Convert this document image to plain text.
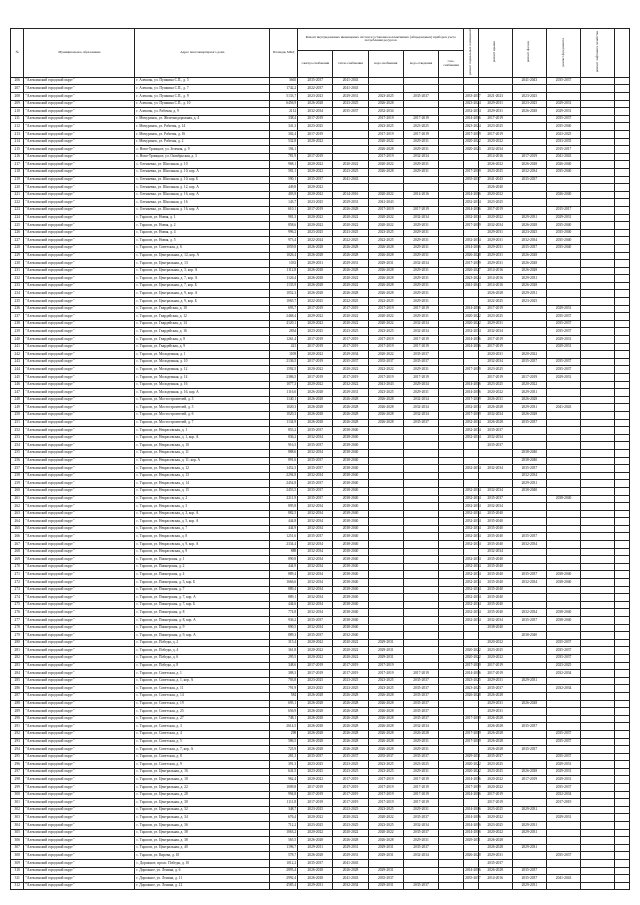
№	Муниципальное образование	Адрес многоквартирного дома	Площадь МКД	Ремонт внутридомовых инженерных систем и установка коллективных (общедомовых) приборов учета потребления ресурсов					ремонт подвальных помещений	ремонт крыши	ремонт фасада	ремонт фундамента	ремонт лифтового хозяйства	
				электро-снабжения	тепло-снабжения	водо-снабжения	водо-отведения	газо-снабжения						
206	"Алексинский городской округ"	г. Алексин, ул. Пушкина С.П., д. 5	3665	2035-2037	2041-2043						2041-2043	2035-2037		
207	"Алексинский городской округ"	г. Алексин, ул. Пушкина С.П., д. 7	1742,2	2022-2037	2041-2043									
208	"Алексинский городской округ"	г. Алексин, ул. Пушкина С.П., д. 9	5133,7	2023-2023	2029-2031	2023-2025	2035-2037		2033-2037	2021-2023	2023-2025			
209	"Алексинский городской округ"	г. Алексин, ул. Пушкина С.П., д. 10	6456,9	2026-2028	2023-2025	2026-2028			2023-2024	2029-2031	2023-2025	2029-2031		
210	"Алексинский городской округ"	г. Алексин, ул. Рабочая, д. 9	2112	2032-2034	2035-2037	2032-2034			2032-2034	2029-2031	2026-2028	2029-2031		
211	"Алексинский городской округ"	г. Мичуринск, ул. Железнодорожная, д. 4	338,4	2017-2019		2017-2019	2017-2019		2014-2016	2017-2019		2035-2037		
212	"Алексинский городской округ"	г. Мичуринск, ул. Рабочая, д. 14	341,3	2023-2025		2023-2025	2023-2025		2023-2024	2023-2025		2035-2040		
213	"Алексинский городской округ"	г. Мичуринск, ул. Рабочая, д. 16	302,4	2017-2019		2017-2019	2017-2019		2017-2019	2017-2019		2023-2025		
214	"Алексинский городской округ"	г. Мичуринск, ул. Рабочая, д. 2	532,8	2020-2022		2020-2022	2029-2031		2020-2022	2020-2022		2033-2035		
215	"Алексинский городской округ"	с. Ново-Троицкое, ул. Зеленая, д. 9	194,1			2026-2028	2029-2031		2020-2023	2032-2034		2015-2017		
216	"Алексинский городской округ"	с. Ново-Троицкое, ул. Октябрьская, д. 3	781,9	2017-2019		2017-2019	2032-2034			2014-2016	2017-2019	2041-2043		
217	"Алексинский городской округ"	с. Оленьевка, ул. Школьная, д. 10	968,1	2020-2022	2020-2022	2020-2022	2029-2031			2026-2022	2026-2028	2026-2040		
218	"Алексинский городской округ"	с. Оленьевка, ул. Школьная, д. 10, кор. А	581,1	2020-2022	2023-2025	2026-2028	2029-2031		2017-2019	2023-2025	2032-2034	2035-2040		
219	"Алексинский городской округ"	с. Оленьевка, ул. Школьная, д. 10, кор. Б	590,1	2035-2037	2041-2043				2035-2037	2041-2043	2035-2037			
220	"Алексинский городской округ"	с. Оленьевка, ул. Школьная, д. 12, кор. А	449,8	2020-2022						2026-2040				
221	"Алексинский городской округ"	с. Оленьевка, ул. Школьная, д. 16, кор. А	403,9	2020-2022	2014-2016	2020-2022	2014-2016		2014-2016	2020-2022		2026-2040		
222	"Алексинский городской округ"	с. Оленьевка, ул. Школьная, д. 16	143,7	2023-2025	2029-2031	2041-2043			2032-2034	2023-2025				
223	"Алексинский городской округ"	с. Оленьевка, ул. Школьная, д. 16, кор. А	610,1	2017-2019	2026-2028	2017-2019	2017-2019		2014-2016	2017-2019		2015-2017		
224	"Алексинский городской округ"	с. Тарасов, ул. Новая, д. 1	981,3	2020-2022	2020-2022	2020-2022	2032-2034		2032-2034	2020-2022	2029-2031	2029-2031		
225	"Алексинский городской округ"	с. Тарасов, ул. Новая, д. 2	858,6	2020-2022	2020-2022	2020-2022	2029-2031		2017-2019	2032-2034	2026-2028	2035-2040		
226	"Алексинский городской округ"	с. Тарасов, ул. Новая, д. 4	996,2	2023-2025	2023-2025	2023-2025	2029-2031			2029-2031	2023-2025	2035-2040		
227	"Алексинский городской округ"	с. Тарасов, ул. Новая, д. 5	973,4	2022-2024	2022-2025	2022-2025	2029-2031		2032-2034	2029-2031	2032-2034	2035-2040		
228	"Алексинский городской округ"	с. Тарасов, ул. Советская, д. 6	1059,8	2026-2028	2026-2028	2026-2028	2029-2031		2014-2016	2029-2031	2035-2037	2035-2040		
229	"Алексинский городской округ"	с. Тарасов, ул. Центральная, д. 12, кор. А	1026,4	2026-2028	2026-2028	2026-2028	2029-2031		2026-2028	2029-2031	2026-2028			
230	"Алексинский городской округ"	с. Тарасов, ул. Центральная, д. 13	1033	2029-2031	2029-2031	2029-2031	2032-2034		2017-2019	2029-2031	2026-2028			
231	"Алексинский городской округ"	с. Тарасов, ул. Центральная, д. 3, кор. А	1112,8	2026-2028	2026-2028	2026-2028	2029-2031		2026-2027	2014-2016	2026-2028			
232	"Алексинский городской округ"	с. Тарасов, ул. Центральная, д. 7, кор. А	1126,4	2026-2028	2020-2022	2026-2028	2029-2031		2023-2024	2014-2016	2029-2031			
233	"Алексинский городской округ"	с. Тарасов, ул. Центральная, д. 7, кор. Б	1133,9	2026-2028	2020-2022	2026-2028	2029-2031		2041-2043	2014-2016	2026-2028			
234	"Алексинский городской округ"	с. Тарасов, ул. Центральная, д. 9, кор. А	1052,3	2026-2028	2026-2028	2026-2028	2029-2031			2026-2028	2029-2031			
235	"Алексинский городской округ"	с. Тарасов, ул. Центральная, д. 9, кор. Б	1065,7	2022-2025	2022-2025	2022-2025	2029-2031			2022-2025	2023-2025			
236	"Алексинский городской округ"	с. Тарасов, ул. Гвардейская, д. 10	693,7	2017-2019	2017-2019	2017-2019	2017-2019		2014-2016	2017-2019		2029-2031		
237	"Алексинский городской округ"	с. Тарасов, ул. Гвардейская, д. 12	2468,4	2029-2022	2020-2022	2020-2022	2029-2031		2020-2022	2023-2025		2035-2037		
238	"Алексинский городской округ"	с. Тарасов, ул. Гвардейская, д. 14	4120,1	2020-2022	2020-2022	2020-2022	2032-2034		2020-2022	2029-2031		2035-2037		
239	"Алексинский городской округ"	с. Тарасов, ул. Гвардейская, д. 16	2834	2023-2025	2023-2025	2023-2025	2032-2034		2032-2034	2032-2034		2035-2037		
240	"Алексинский городской округ"	с. Тарасов, ул. Гвардейская, д. 8	1261,4	2017-2019	2017-2019	2017-2019	2017-2019		2014-2016	2017-2019		2029-2031		
241	"Алексинский городской округ"	с. Тарасов, ул. Гвардейская, д. 9	421	2017-2019	2017-2019	2017-2019	2017-2019		2014-2016	2017-2019		2029-2031		
242	"Алексинский городской округ"	с. Тарасов, ул. Молодежная, д. 1	1108	2020-2022	2029-2034	2020-2022	2035-2037			2020-2031	2020-2022			
243	"Алексинский городской округ"	с. Тарасов, ул. Молодежная, д. 10	2136,5	2017-2019	2035-2037	2035-2037	2035-2037			2032-2034	2035-2037	2035-2037		
244	"Алексинский городской округ"	с. Тарасов, ул. Молодежная, д. 12	1592,5	2020-2022	2020-2022	2022-2022	2029-2031		2017-2019	2023-2025		2035-2037		
245	"Алексинский городской округ"	с. Тарасов, ул. Молодежная, д. 14	2386,5	2017-2019	2017-2019	2017-2019	2017-2019			2017-2019	2017-2019	2029-2031		
246	"Алексинский городской округ"	с. Тарасов, ул. Молодежная, д. 16	1077,3	2020-2022	2032-2022	2041-2043	2029-2034		2014-2016	2023-2025	2020-2022			
247	"Алексинский городской округ"	с. Тарасов, ул. Молодежная, д. 16, кор. А	1116,6	2026-2028	2029-2031	2023-2025	2029-2031		2014-2016	2020-2022	2029-2031			
248	"Алексинский городской округ"	с. Тарасов, ул. Мостостроителей, д. 3	1140,1	2026-2028	2026-2028	2026-2028	2032-2034		2017-2019	2026-2031	2026-2028			
249	"Алексинский городской округ"	с. Тарасов, ул. Мостостроителей, д. 5	1020,3	2026-2028	2026-2028	2026-2028	2032-2034		2032-2034	2026-2028	2029-2031	2041-2043		
250	"Алексинский городской округ"	с. Тарасов, ул. Мостостроителей, д. 6	1020,3	2026-2028	2026-2028	2026-2028	2032-2034		2017-2019	2032-2034	2026-2028			
251	"Алексинский городской округ"	с. Тарасов, ул. Мостостроителей, д. 7	1134,9	2026-2028	2026-2028	2026-2028	2035-2037		2032-2034	2026-2028	2035-2037			
252	"Алексинский городской округ"	с. Тарасов, ул. Некрасовская, д. 1	853,2	2035-2037	2038-2040				2032-2034	2035-2037				
253	"Алексинский городской округ"	с. Тарасов, ул. Некрасовская, д. 1, кор. А	836,2	2032-2034	2038-2040				2032-2034	2032-2034				
254	"Алексинский городской округ"	с. Тарасов, ул. Некрасовская, д. 10	916,5	2035-2037	2038-2040					2035-2037				
255	"Алексинский городской округ"	с. Тарасов, ул. Некрасовская, д. 11	888,6	2032-2034	2038-2040						2038-2040			
256	"Алексинский городской округ"	с. Тарасов, ул. Некрасовская, д. 11, кор. А	891,6	2035-2037	2038-2040						2038-2040			
257	"Алексинский городской округ"	с. Тарасов, ул. Некрасовская, д. 12	1452,5	2035-2037	2038-2040				2032-2034	2032-2034	2035-2037			
258	"Алексинский городской округ"	с. Тарасов, ул. Некрасовская, д. 13	2294,8	2032-2034	2038-2040						2032-2034			
259	"Алексинский городской округ"	с. Тарасов, ул. Некрасовская, д. 14	2454,8	2035-2037	2038-2040						2029-2031			
260	"Алексинский городской округ"	с. Тарасов, ул. Некрасовская, д. 15	2453,5	2035-2037	2038-2040				2032-2034	2032-2034	2038-2040			
261	"Алексинский городской округ"	с. Тарасов, ул. Некрасовская, д. 2	2211,9	2035-2037	2038-2040				2032-2034	2035-2037		2038-2040		
262	"Алексинский городской округ"	с. Тарасов, ул. Некрасовская, д. 3	895,8	2032-2034	2038-2040				2032-2034	2032-2034				
263	"Алексинский городской округ"	с. Тарасов, ул. Некрасовская, д. 3, кор. А	882,5	2032-2034	2038-2040				2032-2034	2035-2040				
264	"Алексинский городской округ"	с. Тарасов, ул. Некрасовская, д. 5, кор. А	444,8	2032-2034	2038-2040				2032-2034	2035-2040				
265	"Алексинский городской округ"	с. Тарасов, ул. Некрасовская, д. 7	444,9	2032-2034	2038-2040				2032-2034	2035-2040				
266	"Алексинский городской округ"	с. Тарасов, ул. Некрасовская, д. 8	1251,6	2035-2037	2038-2040				2032-2034	2035-2040	2035-2037			
267	"Алексинский городской округ"	с. Тарасов, ул. Некрасовская, д. 9, кор. А	2334,4	2032-2034	2038-2040				2032-2034	2035-2040	2032-2034			
268	"Алексинский городской округ"	с. Тарасов, ул. Некрасовская, д. 9	888	2032-2034	2038-2040					2032-2034				
269	"Алексинский городской округ"	с. Тарасов, ул. Пионерская, д. 1	890,8	2032-2034	2038-2040				2032-2034	2035-2040				
270	"Алексинский городской округ"	с. Тарасов, ул. Пионерская, д. 2	444,9	2032-2034	2038-2040				2032-2034	2035-2040				
271	"Алексинский городской округ"	с. Тарасов, ул. Пионерская, д. 4	889,4	2032-2034	2038-2040				2032-2034	2035-2040	2035-2037	2038-2040		
272	"Алексинский городской округ"	с. Тарасов, ул. Пионерская, д. 5, кор. Б	1666,6	2032-2034	2038-2040				2032-2034	2035-2040	2032-2034	2038-2040		
273	"Алексинский городской округ"	с. Тарасов, ул. Пионерская, д. 7	889,4	2032-2034	2038-2040				2032-2034	2035-2040				
274	"Алексинский городской округ"	с. Тарасов, ул. Пионерская, д. 7, кор. А	889,1	2032-2034	2038-2040				2032-2034	2035-2040				
275	"Алексинский городской округ"	с. Тарасов, ул. Пионерская, д. 7, кор. Б	444,6	2032-2034	2038-2040				2032-2034	2035-2040				
276	"Алексинский городской округ"	с. Тарасов, ул. Пионерская, д. 8	774,8	2032-2034	2038-2040				2032-2034	2035-2040	2032-2034	2038-2040		
277	"Алексинский городской округ"	с. Тарасов, ул. Пионерская, д. 8, кор. А	936,2	2035-2037	2038-2040				2032-2034	2032-2034	2035-2037	2038-2040		
278	"Алексинский городской округ"	с. Тарасов, ул. Пионерская, д. 9	890,5	2032-2034	2038-2040					2038-2040				
279	"Алексинский городской округ"	с. Тарасов, ул. Пионерская, д. 9, кор. А	889,3	2035-2037	2032-2040						2038-2040			
280	"Алексинский городской округ"	с. Тарасов, ул. Победы, д. 2	315,4	2020-2022	2020-2022	2029-2031				2020-2022		2035-2037		
281	"Алексинский городской округ"	с. Тарасов, ул. Победы, д. 4	361,8	2020-2022	2020-2022	2029-2031			2020-2022	2023-2025		2035-2037		
282	"Алексинский городской округ"	с. Тарасов, ул. Победы, д. 6	295,5	2020-2022	2020-2022	2029-2031			2020-2022	2020-2022		2035-2037		
283	"Алексинский городской округ"	с. Тарасов, ул. Победы, д. 8	348,6	2017-2019	2017-2019	2017-2019			2017-2019	2017-2019		2023-2025		
284	"Алексинский городской округ"	с. Тарасов, ул. Советская, д. 1	388,3	2017-2019	2017-2019	2017-2019	2017-2019		2014-2016	2017-2019		2032-2034		
285	"Алексинский городской округ"	с. Тарасов, ул. Советская, д. 1, кор. А	703,8	2023-2025	2023-2025	2023-2025	2035-2037		2023-2025	2029-2031	2029-2031			
286	"Алексинский городской округ"	с. Тарасов, ул. Советская, д. 11	791,9	2023-2025	2023-2025	2023-2025	2035-2037		2023-2025	2035-2037		2032-2034		
287	"Алексинский городской округ"	с. Тарасов, ул. Советская, д. 14	584	2026-2028	2026-2028	2026-2028	2035-2037		2026-2028	2026-2028				
288	"Алексинский городской округ"	с. Тарасов, ул. Советская, д. 19	693,1	2026-2028	2026-2028	2026-2028	2035-2037			2029-2031	2026-2028			
289	"Алексинский городской округ"	с. Тарасов, ул. Советская, д. 25	656,9	2026-2028	2026-2028	2026-2028	2035-2037			2029-2031				
290	"Алексинский городской округ"	с. Тарасов, ул. Советская, д. 27	748,1	2026-2028	2026-2028	2026-2028	2035-2037		2017-2019	2026-2028				
291	"Алексинский городской округ"	с. Тарасов, ул. Советская, д. 3	2614,5	2026-2028	2026-2028	2026-2028	2032-2034			2026-2028	2035-2037			
292	"Алексинский городской округ"	с. Тарасов, ул. Советская, д. 4	298	2026-2028	2026-2028	2026-2028	2026-2028		2017-2019	2026-2028		2035-2037		
293	"Алексинский городской округ"	с. Тарасов, ул. Советская, д. 5	586,5	2026-2028	2026-2028	2026-2028	2029-2031		2017-2019	2026-2028		2035-2037		
294	"Алексинский городской округ"	с. Тарасов, ул. Советская, д. 7, кор. А	725,9	2026-2028	2026-2028	2026-2028	2029-2031			2026-2028	2035-2037			
295	"Алексинский городской округ"	с. Тарасов, ул. Советская, д. 8	281,3	2035-2037	2035-2037	2035-2037	2035-2037		2029-2031	2035-2037		2035-2037		
296	"Алексинский городской округ"	с. Тарасов, ул. Советская, д. 9	391,3	2023-2025	2023-2025	2023-2025	2023-2025		2020-2022	2023-2025		2029-2031		
297	"Алексинский городской округ"	с. Тарасов, ул. Центральная, д. 16	641,5	2023-2025	2023-2025	2023-2025	2029-2031		2020-2022	2023-2025	2026-2028	2029-2031		
298	"Алексинский городской округ"	с. Тарасов, ул. Центральная, д. 18	962,4	2020-2022	2017-2019	2017-2019	2017-2019		2014-2016	2020-2022	2017-2019	2029-2031		
299	"Алексинский городской округ"	с. Тарасов, ул. Центральная, д. 22	1009,8	2017-2019	2017-2019	2017-2019	2017-2019		2017-2019	2020-2022		2035-2037		
300	"Алексинский городской округ"	с. Тарасов, ул. Центральная, д. 28	994,8	2017-2019	2017-2019	2017-2019	2017-2019		2014-2016	2017-2019		2032-2034		
301	"Алексинский городской округ"	с. Тарасов, ул. Центральная, д. 30	1111,8	2017-2019	2017-2019	2017-2019	2017-2019			2017-2019		2017-2019		
302	"Алексинский городской округ"	с. Тарасов, ул. Центральная, д. 32	348,7	2023-2025	2023-2025	2023-2025	2029-2031		2014-2016	2023-2025	2029-2031			
303	"Алексинский городской округ"	с. Тарасов, ул. Центральная, д. 34	676,4	2020-2022	2020-2022	2020-2022	2035-2037		2014-2016	2020-2022		2029-2031		
304	"Алексинский городской округ"	с. Тарасов, ул. Центральная, д. 36	712,2	2023-2025	2023-2025	2023-2025	2032-2034		2014-2016	2023-2025	2029-2031			
305	"Алексинский городской округ"	с. Тарасов, ул. Центральная, д. 38	1063,2	2020-2022	2020-2022	2020-2022	2035-2037		2014-2016	2020-2022	2029-2031			
306	"Алексинский городской округ"	с. Тарасов, ул. Центральная, д. 38	565,5	2026-2028	2026-2028	2026-2028	2029-2031		2029-2031	2026-2028				
307	"Алексинский городской округ"	с. Тарасов, ул. Центральная, д. 40	1196,7	2029-2031	2029-2031	2029-2031	2035-2037			2026-2028	2029-2031			
308	"Алексинский городской округ"	с. Тарасов, ул. Кирова, д. 10	578,7	2026-2028	2029-2031	2029-2031	2032-2034		2026-2028	2029-2031		2035-2037		
309	"Алексинский городской округ"	с. Дорожное, просп. Победы, д. 10	1012,2	2035-2037	2041-2043					2035-2037				
310	"Алексинский городской округ"	г. Дорожное, ул. Ленина, д. 6	2893,4	2026-2028	2026-2028	2029-2031			2014-2016	2026-2028	2035-2037			
311	"Алексинский городской округ"	г. Дорожное, ул. Ленина, д. 11	2992,4	2026-2028	2041-2043	2035-2037			2035-2037	2014-2016	2035-2037	2041-2043		
312	"Алексинский городской округ"	г. Дорожное, ул. Ленина, д. 12	4585,4	2029-2031	2032-2034	2029-2031	2035-2037				2029-2031			
